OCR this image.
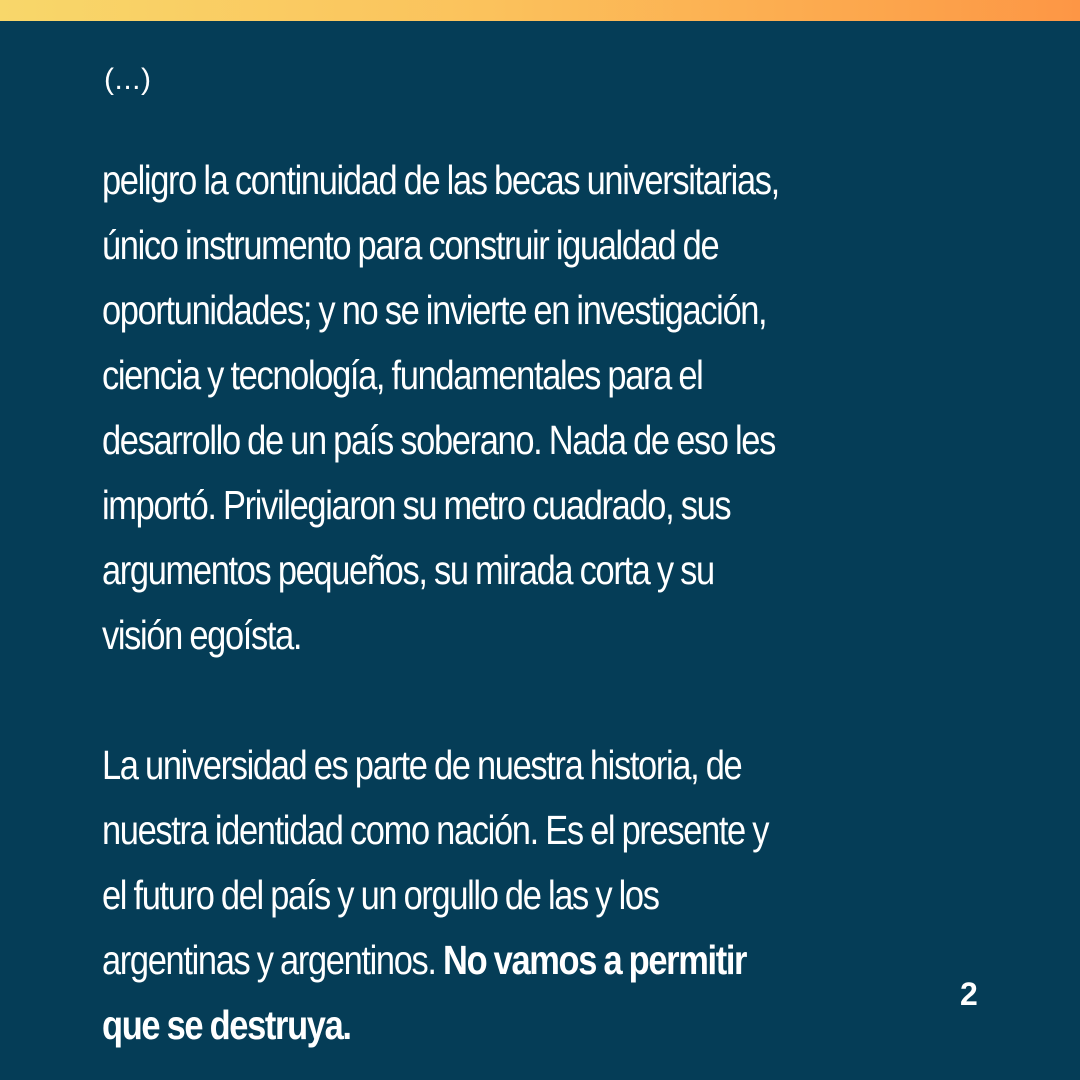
(...)

peligro la continuidad de las becas universitarias,
único instrumento para construir igualdad de
oportunidades; y no se invierte en investigación,
ciencia y tecnología, fundamentales para el
desarrollo de un país soberano. Nada de eso les
importó. Privilegiaron su metro cuadrado, sus
argumentos pequeños, su mirada corta y su
visión egoísta.

La universidad es parte de nuestra historia, de
nuestra identidad como nación. Es el presente y
el futuro del país y un orgullo de las y los
argentinas y argentinos. No vamos a permitir
que se destruya.

2
